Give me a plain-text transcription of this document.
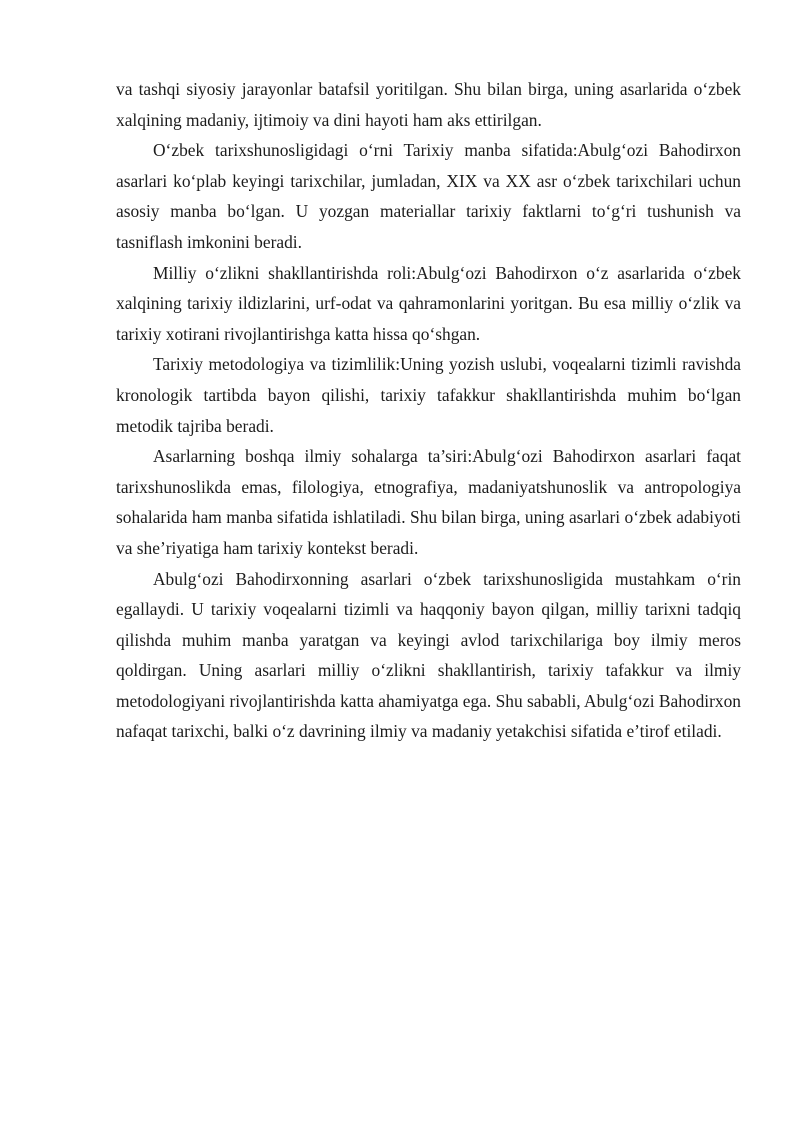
va tashqi siyosiy jarayonlar batafsil yoritilgan. Shu bilan birga, uning asarlarida o‘zbek xalqining madaniy, ijtimoiy va dini hayoti ham aks ettirilgan.

O‘zbek tarixshunosligidagi o‘rni Tarixiy manba sifatida:Abulg‘ozi Bahodirxon asarlari ko‘plab keyingi tarixchilar, jumladan, XIX va XX asr o‘zbek tarixchilari uchun asosiy manba bo‘lgan. U yozgan materiallar tarixiy faktlarni to‘g‘ri tushunish va tasniflash imkonini beradi.

Milliy o‘zlikni shakllantirishda roli:Abulg‘ozi Bahodirxon o‘z asarlarida o‘zbek xalqining tarixiy ildizlarini, urf-odat va qahramonlarini yoritgan. Bu esa milliy o‘zlik va tarixiy xotirani rivojlantirishga katta hissa qo‘shgan.

Tarixiy metodologiya va tizimlilik:Uning yozish uslubi, voqealarni tizimli ravishda kronologik tartibda bayon qilishi, tarixiy tafakkur shakllantirishda muhim bo‘lgan metodik tajriba beradi.

Asarlarning boshqa ilmiy sohalarga ta’siri:Abulg‘ozi Bahodirxon asarlari faqat tarixshunoslikda emas, filologiya, etnografiya, madaniyatshunoslik va antropologiya sohalarida ham manba sifatida ishlatiladi. Shu bilan birga, uning asarlari o‘zbek adabiyoti va she’riyatiga ham tarixiy kontekst beradi.

Abulg‘ozi Bahodirxonning asarlari o‘zbek tarixshunosligida mustahkam o‘rin egallaydi. U tarixiy voqealarni tizimli va haqqoniy bayon qilgan, milliy tarixni tadqiq qilishda muhim manba yaratgan va keyingi avlod tarixchilariga boy ilmiy meros qoldirgan. Uning asarlari milliy o‘zlikni shakllantirish, tarixiy tafakkur va ilmiy metodologiyani rivojlantirishda katta ahamiyatga ega. Shu sababli, Abulg‘ozi Bahodirxon nafaqat tarixchi, balki o‘z davrining ilmiy va madaniy yetakchisi sifatida e’tirof etiladi.
